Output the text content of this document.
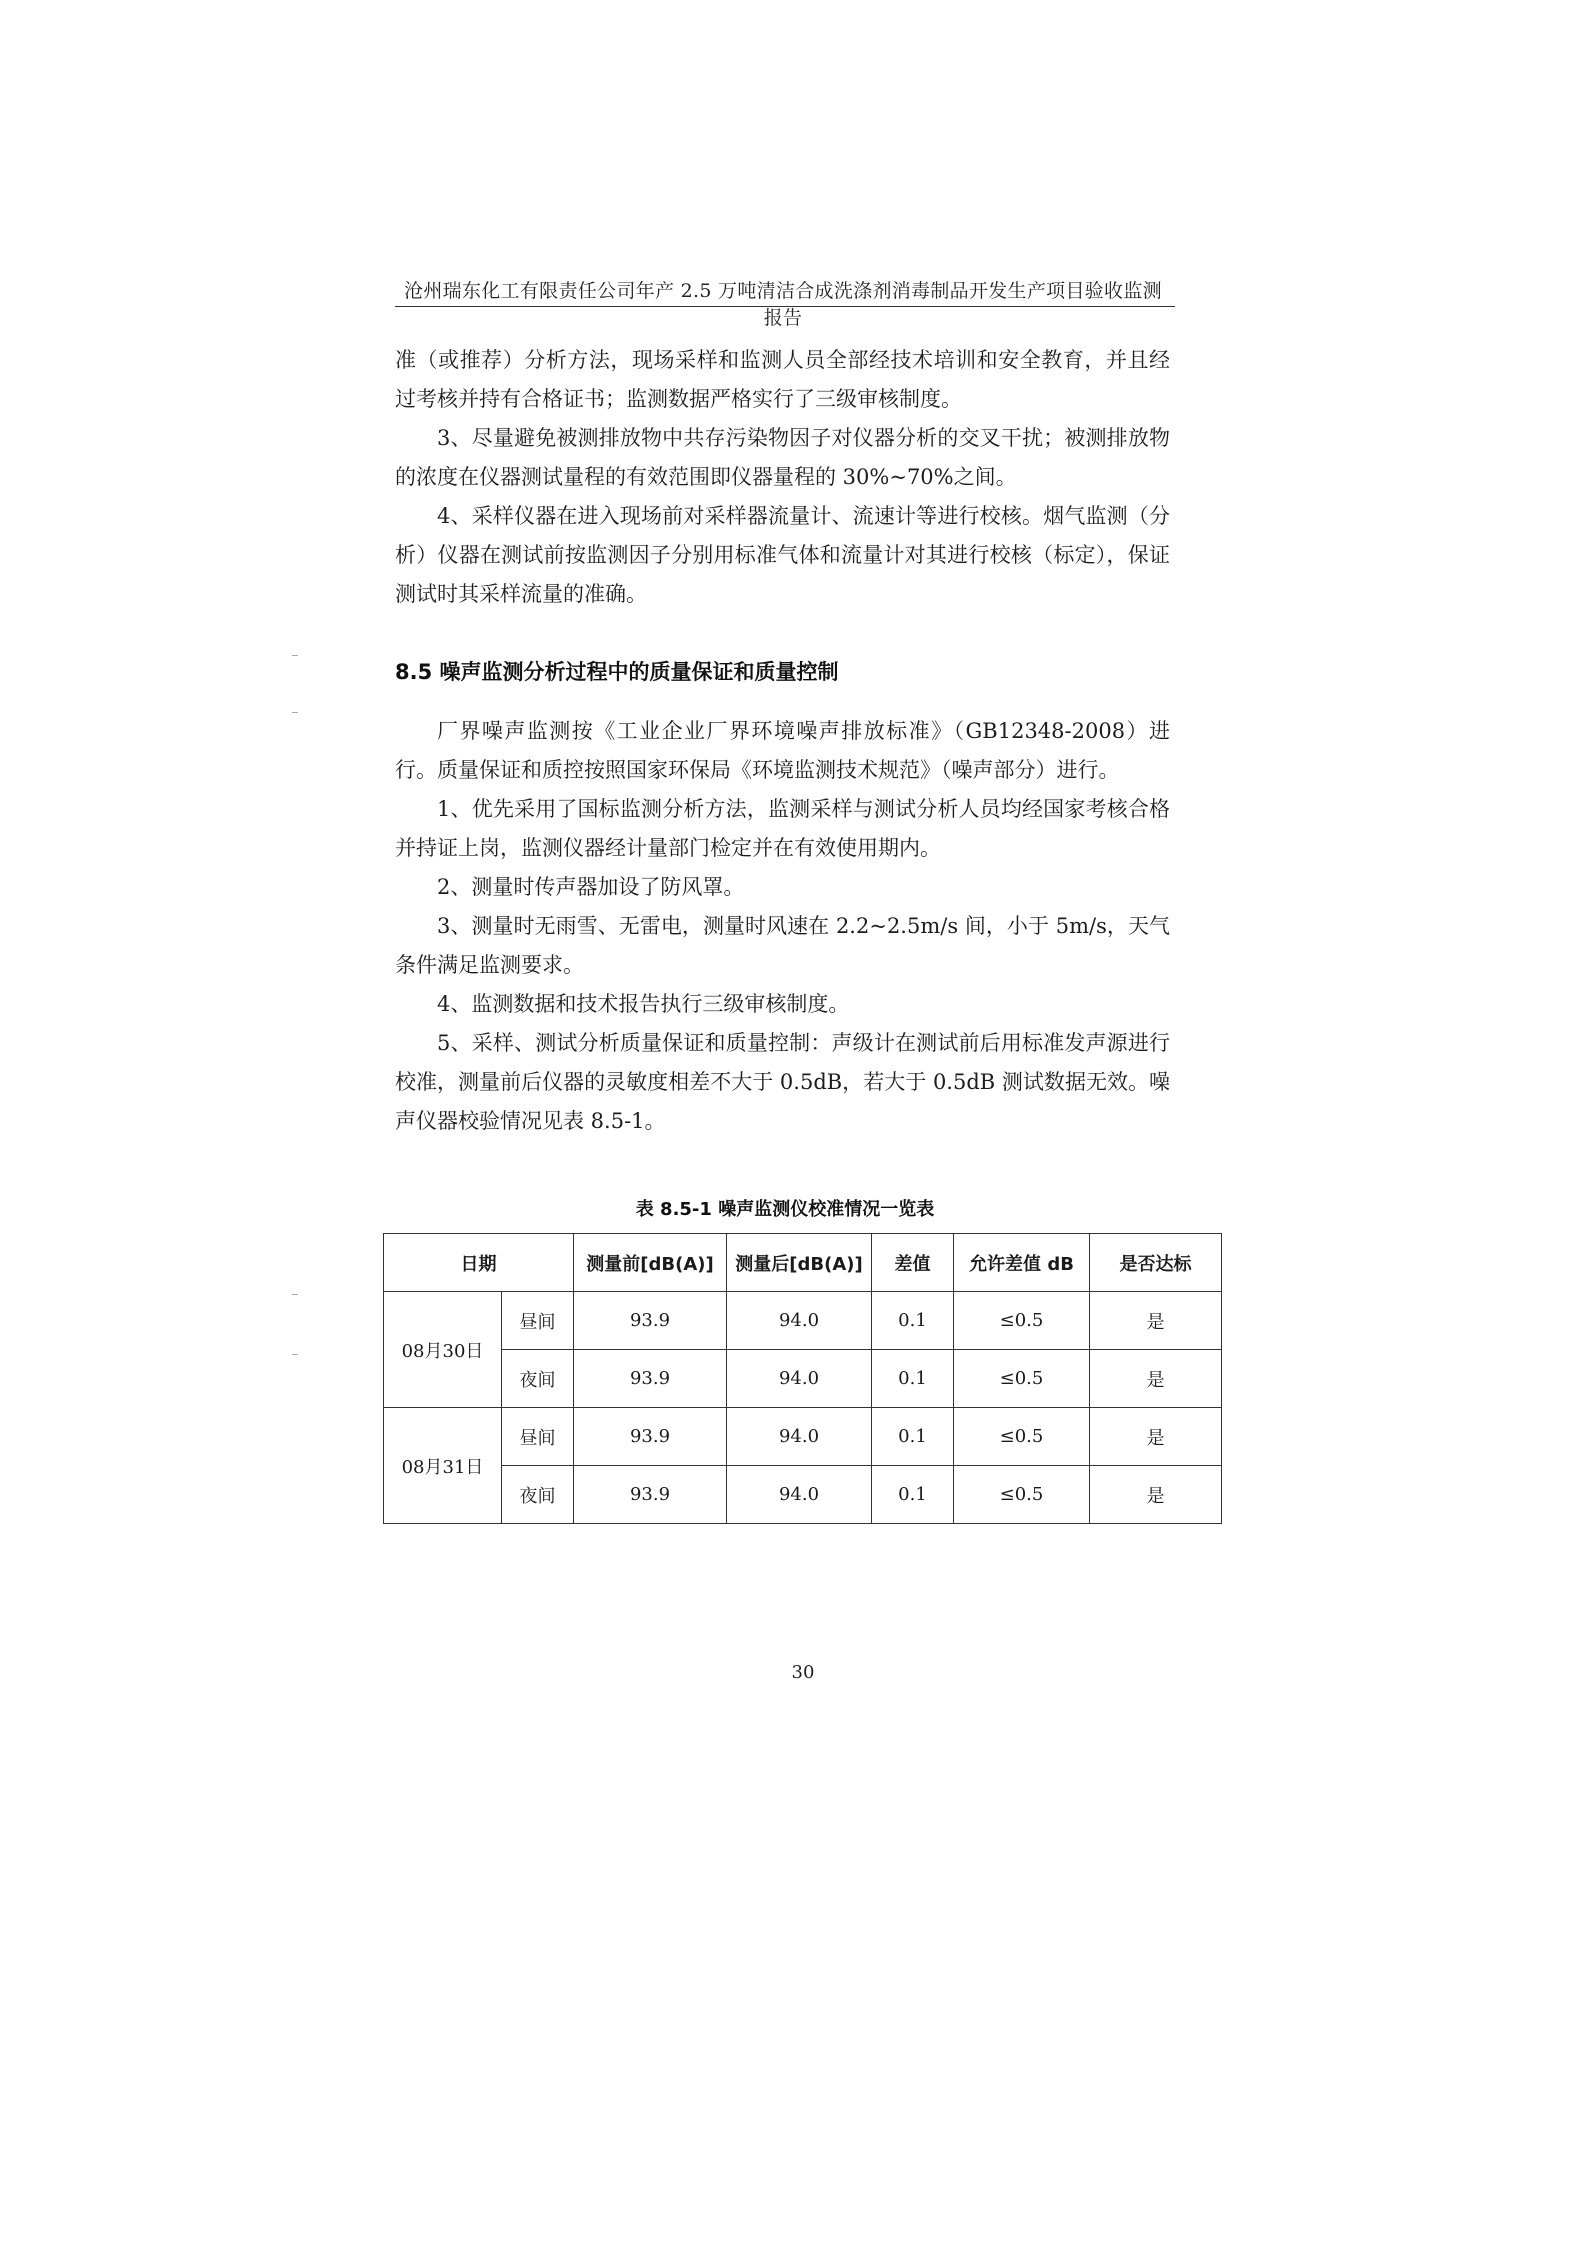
沧州瑞东化工有限责任公司年产 2.5 万吨清洁合成洗涤剂消毒制品开发生产项目验收监测报告

准（或推荐）分析方法，现场采样和监测人员全部经技术培训和安全教育，并且经过考核并持有合格证书；监测数据严格实行了三级审核制度。

3、尽量避免被测排放物中共存污染物因子对仪器分析的交叉干扰；被测排放物的浓度在仪器测试量程的有效范围即仪器量程的 30%~70%之间。

4、采样仪器在进入现场前对采样器流量计、流速计等进行校核。烟气监测（分析）仪器在测试前按监测因子分别用标准气体和流量计对其进行校核（标定），保证测试时其采样流量的准确。

8.5 噪声监测分析过程中的质量保证和质量控制

厂界噪声监测按《工业企业厂界环境噪声排放标准》（GB12348-2008）进行。质量保证和质控按照国家环保局《环境监测技术规范》（噪声部分）进行。

1、优先采用了国标监测分析方法，监测采样与测试分析人员均经国家考核合格并持证上岗，监测仪器经计量部门检定并在有效使用期内。

2、测量时传声器加设了防风罩。

3、测量时无雨雪、无雷电，测量时风速在 2.2~2.5m/s 间，小于 5m/s，天气条件满足监测要求。

4、监测数据和技术报告执行三级审核制度。

5、采样、测试分析质量保证和质量控制：声级计在测试前后用标准发声源进行校准，测量前后仪器的灵敏度相差不大于 0.5dB，若大于 0.5dB 测试数据无效。噪声仪器校验情况见表 8.5-1。

表 8.5-1 噪声监测仪校准情况一览表
日期		测量前[dB(A)]	测量后[dB(A)]	差值	允许差值 dB	是否达标
08月30日	昼间	93.9	94.0	0.1	≤0.5	是
	夜间	93.9	94.0	0.1	≤0.5	是
08月31日	昼间	93.9	94.0	0.1	≤0.5	是
	夜间	93.9	94.0	0.1	≤0.5	是
30
